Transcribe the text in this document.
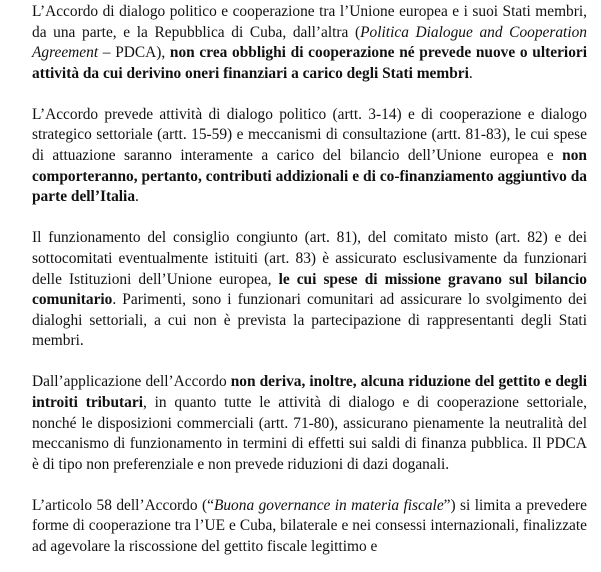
L’Accordo di dialogo politico e cooperazione tra l’Unione europea e i suoi Stati membri, da una parte, e la Repubblica di Cuba, dall’altra (Politica Dialogue and Cooperation Agreement – PDCA), non crea obblighi di cooperazione né prevede nuove o ulteriori attività da cui derivino oneri finanziari a carico degli Stati membri.

L’Accordo prevede attività di dialogo politico (artt. 3-14) e di cooperazione e dialogo strategico settoriale (artt. 15-59) e meccanismi di consultazione (artt. 81-83), le cui spese di attuazione saranno interamente a carico del bilancio dell’Unione europea e non comporteranno, pertanto, contributi addizionali e di co-finanziamento aggiuntivo da parte dell’Italia.

Il funzionamento del consiglio congiunto (art. 81), del comitato misto (art. 82) e dei sottocomitati eventualmente istituiti (art. 83) è assicurato esclusivamente da funzionari delle Istituzioni dell’Unione europea, le cui spese di missione gravano sul bilancio comunitario. Parimenti, sono i funzionari comunitari ad assicurare lo svolgimento dei dialoghi settoriali, a cui non è prevista la partecipazione di rappresentanti degli Stati membri.

Dall’applicazione dell’Accordo non deriva, inoltre, alcuna riduzione del gettito e degli introiti tributari, in quanto tutte le attività di dialogo e di cooperazione settoriale, nonché le disposizioni commerciali (artt. 71-80), assicurano pienamente la neutralità del meccanismo di funzionamento in termini di effetti sui saldi di finanza pubblica. Il PDCA è di tipo non preferenziale e non prevede riduzioni di dazi doganali.

L’articolo 58 dell’Accordo (“Buona governance in materia fiscale”) si limita a prevedere forme di cooperazione tra l’UE e Cuba, bilaterale e nei consessi internazionali, finalizzate ad agevolare la riscossione del gettito fiscale legittimo e
